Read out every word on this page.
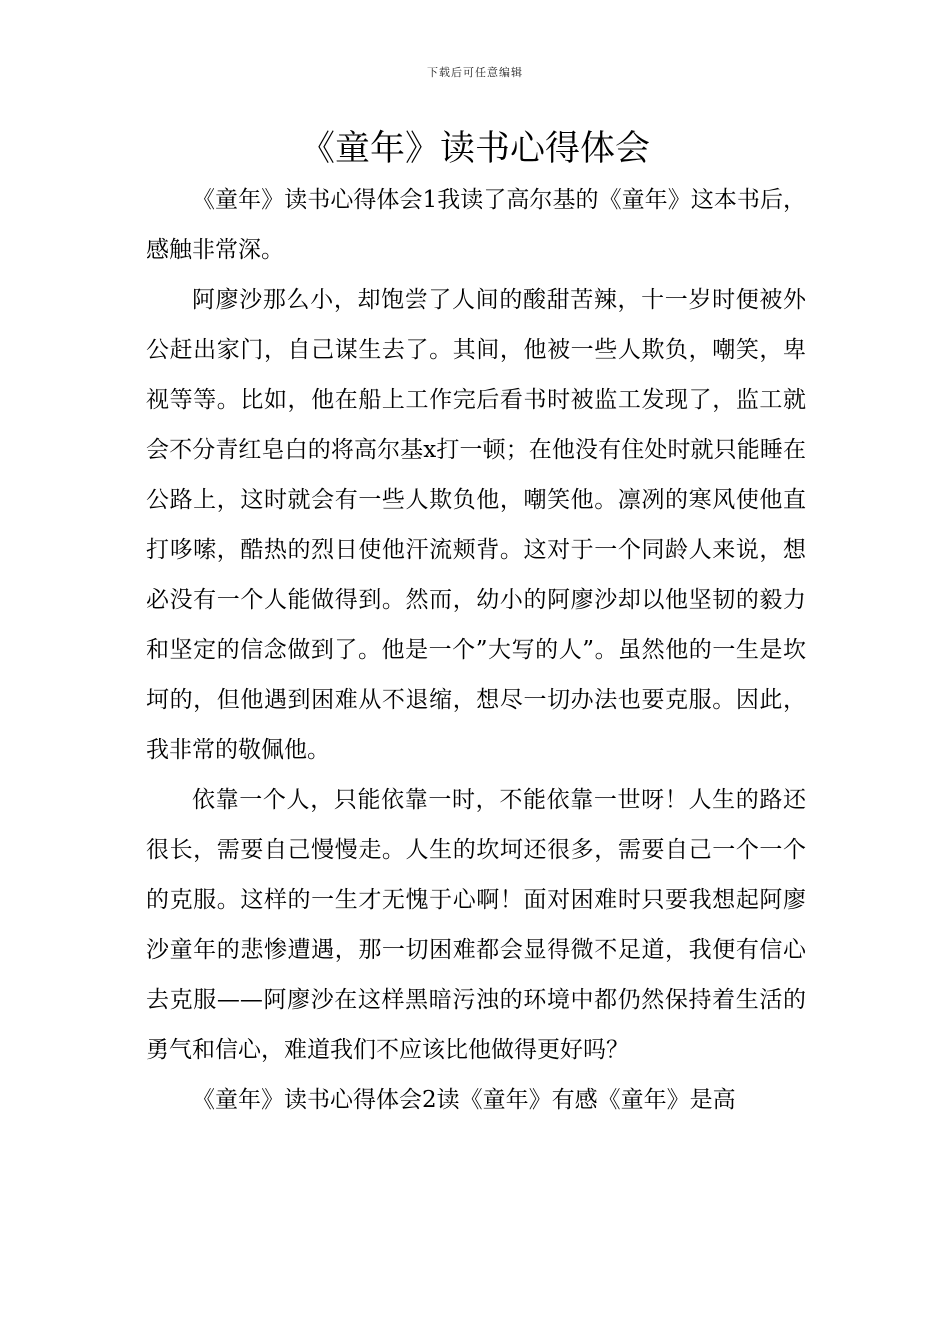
下载后可任意编辑
《童年》读书心得体会

《童年》读书心得体会1我读了高尔基的《童年》这本书后，感触非常深。

阿廖沙那么小，却饱尝了人间的酸甜苦辣，十一岁时便被外公赶出家门，自己谋生去了。其间，他被一些人欺负，嘲笑，卑视等等。比如，他在船上工作完后看书时被监工发现了，监工就会不分青红皂白的将高尔基x打一顿；在他没有住处时就只能睡在公路上，这时就会有一些人欺负他，嘲笑他。凛冽的寒风使他直打哆嗦，酷热的烈日使他汗流颊背。这对于一个同龄人来说，想必没有一个人能做得到。然而，幼小的阿廖沙却以他坚韧的毅力和坚定的信念做到了。他是一个”大写的人”。虽然他的一生是坎坷的，但他遇到困难从不退缩，想尽一切办法也要克服。因此，我非常的敬佩他。

依靠一个人，只能依靠一时，不能依靠一世呀！人生的路还很长，需要自己慢慢走。人生的坎坷还很多，需要自己一个一个的克服。这样的一生才无愧于心啊！面对困难时只要我想起阿廖沙童年的悲惨遭遇，那一切困难都会显得微不足道，我便有信心去克服——阿廖沙在这样黑暗污浊的环境中都仍然保持着生活的勇气和信心，难道我们不应该比他做得更好吗？

《童年》读书心得体会2读《童年》有感《童年》是高
